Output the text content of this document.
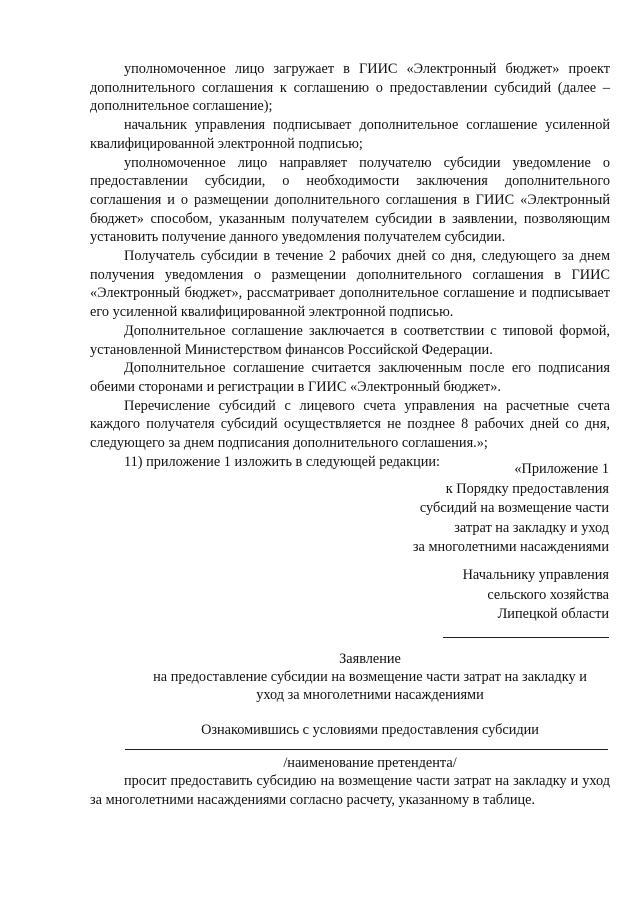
уполномоченное лицо загружает в ГИИС «Электронный бюджет» проект дополнительного соглашения к соглашению о предоставлении субсидий (далее – дополнительное соглашение);

начальник управления подписывает дополнительное соглашение усиленной квалифицированной электронной подписью;

уполномоченное лицо направляет получателю субсидии уведомление о предоставлении субсидии, о необходимости заключения дополнительного соглашения и о размещении дополнительного соглашения в ГИИС «Электронный бюджет» способом, указанным получателем субсидии в заявлении, позволяющим установить получение данного уведомления получателем субсидии.

Получатель субсидии в течение 2 рабочих дней со дня, следующего за днем получения уведомления о размещении дополнительного соглашения в ГИИС «Электронный бюджет», рассматривает дополнительное соглашение и подписывает его усиленной квалифицированной электронной подписью.

Дополнительное соглашение заключается в соответствии с типовой формой, установленной Министерством финансов Российской Федерации.

Дополнительное соглашение считается заключенным после его подписания обеими сторонами и регистрации в ГИИС «Электронный бюджет».

Перечисление субсидий с лицевого счета управления на расчетные счета каждого получателя субсидий осуществляется не позднее 8 рабочих дней со дня, следующего за днем подписания дополнительного соглашения.»;

11) приложение 1 изложить в следующей редакции:	«Приложение 1
к Порядку предоставления
субсидий на возмещение части
затрат на закладку и уход
за многолетними насаждениями
Начальнику управления
сельского хозяйства
Липецкой области
Заявление
на предоставление субсидии на возмещение части затрат на закладку и
уход за многолетними насаждениями
Ознакомившись с условиями предоставления субсидии
/наименование претендента/

просит предоставить субсидию на возмещение части затрат на закладку и уход за многолетними насаждениями согласно расчету, указанному в таблице.
